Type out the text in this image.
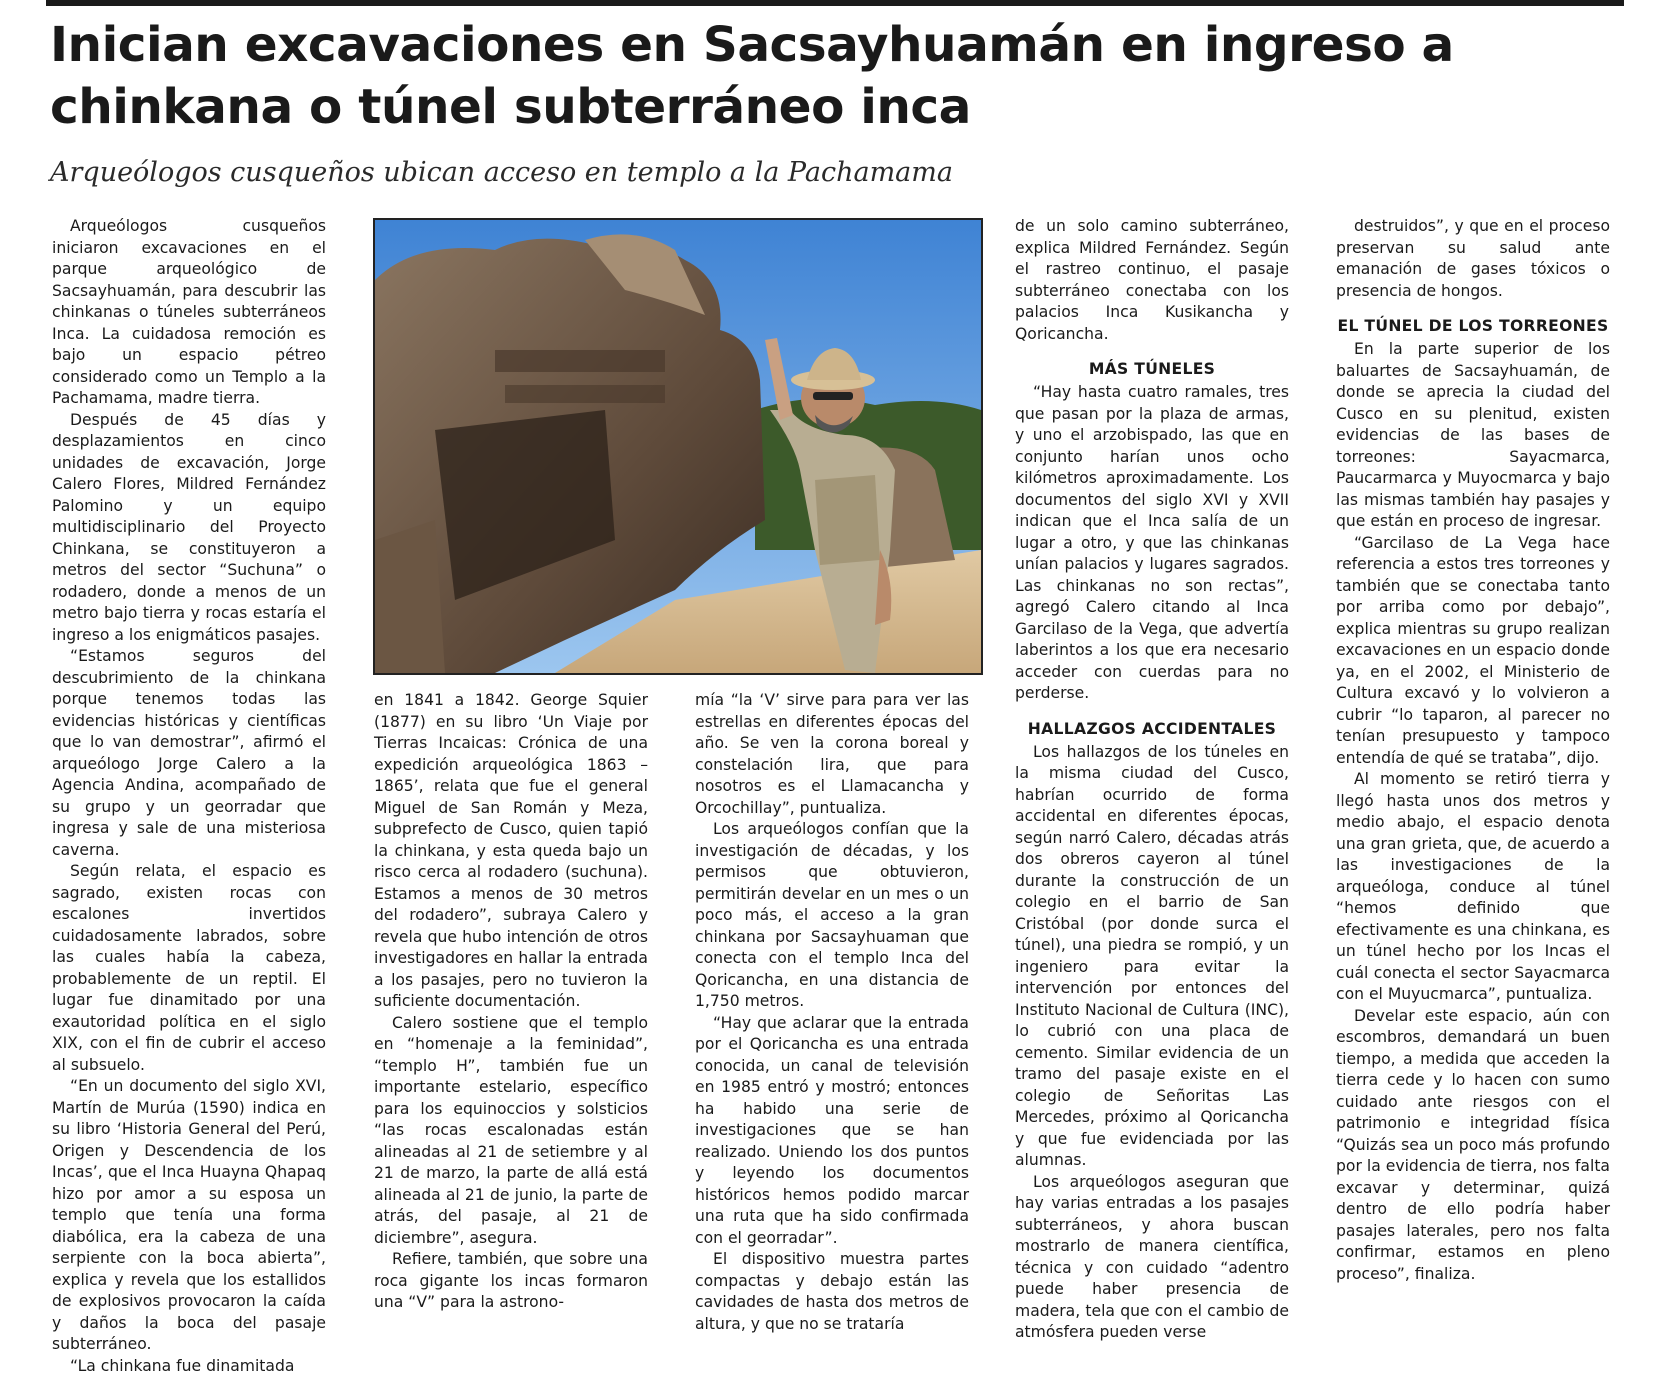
Inician excavaciones en Sacsayhuamán en ingreso a chinkana o túnel subterráneo inca
Arqueólogos cusqueños ubican acceso en templo a la Pachamama

Arqueólogos cusqueños iniciaron excavaciones en el parque arqueológico de Sacsayhuamán, para descubrir las chinkanas o túneles subterráneos Inca. La cuidadosa remoción es bajo un espacio pétreo considerado como un Templo a la Pachamama, madre tierra.

Después de 45 días y desplazamientos en cinco unidades de excavación, Jorge Calero Flores, Mildred Fernández Palomino y un equipo multidisciplinario del Proyecto Chinkana, se constituyeron a metros del sector “Suchuna” o rodadero, donde a menos de un metro bajo tierra y rocas estaría el ingreso a los enigmáticos pasajes.

“Estamos seguros del descubrimiento de la chinkana porque tenemos todas las evidencias históricas y científicas que lo van demostrar”, afirmó el arqueólogo Jorge Calero a la Agencia Andina, acompañado de su grupo y un georradar que ingresa y sale de una misteriosa caverna.

Según relata, el espacio es sagrado, existen rocas con escalones invertidos cuidadosamente labrados, sobre las cuales había la cabeza, probablemente de un reptil. El lugar fue dinamitado por una exautoridad política en el siglo XIX, con el fin de cubrir el acceso al subsuelo.

“En un documento del siglo XVI, Martín de Murúa (1590) indica en su libro ‘Historia General del Perú, Origen y Descendencia de los Incas’, que el Inca Huayna Qhapaq hizo por amor a su esposa un templo que tenía una forma diabólica, era la cabeza de una serpiente con la boca abierta”, explica y revela que los estallidos de explosivos provocaron la caída y daños la boca del pasaje subterráneo.

“La chinkana fue dinamitada

en 1841 a 1842. George Squier (1877) en su libro ‘Un Viaje por Tierras Incaicas: Crónica de una expedición arqueológica 1863 – 1865’, relata que fue el general Miguel de San Román y Meza, subprefecto de Cusco, quien tapió la chinkana, y esta queda bajo un risco cerca al rodadero (suchuna). Estamos a menos de 30 metros del rodadero”, subraya Calero y revela que hubo intención de otros investigadores en hallar la entrada a los pasajes, pero no tuvieron la suficiente documentación.

Calero sostiene que el templo en “homenaje a la feminidad”, “templo H”, también fue un importante estelario, específico para los equinoccios y solsticios “las rocas escalonadas están alineadas al 21 de setiembre y al 21 de marzo, la parte de allá está alineada al 21 de junio, la parte de atrás, del pasaje, al 21 de diciembre”, asegura.

Refiere, también, que sobre una roca gigante los incas formaron una “V” para la astrono-

mía “la ‘V’ sirve para para ver las estrellas en diferentes épocas del año. Se ven la corona boreal y constelación lira, que para nosotros es el Llamacancha y Orcochillay”, puntualiza.

Los arqueólogos confían que la investigación de décadas, y los permisos que obtuvieron, permitirán develar en un mes o un poco más, el acceso a la gran chinkana por Sacsayhuaman que conecta con el templo Inca del Qoricancha, en una distancia de 1,750 metros.

“Hay que aclarar que la entrada por el Qoricancha es una entrada conocida, un canal de televisión en 1985 entró y mostró; entonces ha habido una serie de investigaciones que se han realizado. Uniendo los dos puntos y leyendo los documentos históricos hemos podido marcar una ruta que ha sido confirmada con el georradar”.

El dispositivo muestra partes compactas y debajo están las cavidades de hasta dos metros de altura, y que no se trataría

de un solo camino subterráneo, explica Mildred Fernández. Según el rastreo continuo, el pasaje subterráneo conectaba con los palacios Inca Kusikancha y Qoricancha.

MÁS TÚNELES

“Hay hasta cuatro ramales, tres que pasan por la plaza de armas, y uno el arzobispado, las que en conjunto harían unos ocho kilómetros aproximadamente. Los documentos del siglo XVI y XVII indican que el Inca salía de un lugar a otro, y que las chinkanas unían palacios y lugares sagrados. Las chinkanas no son rectas”, agregó Calero citando al Inca Garcilaso de la Vega, que advertía laberintos a los que era necesario acceder con cuerdas para no perderse.

HALLAZGOS ACCIDENTALES

Los hallazgos de los túneles en la misma ciudad del Cusco, habrían ocurrido de forma accidental en diferentes épocas, según narró Calero, décadas atrás dos obreros cayeron al túnel durante la construcción de un colegio en el barrio de San Cristóbal (por donde surca el túnel), una piedra se rompió, y un ingeniero para evitar la intervención por entonces del Instituto Nacional de Cultura (INC), lo cubrió con una placa de cemento. Similar evidencia de un tramo del pasaje existe en el colegio de Señoritas Las Mercedes, próximo al Qoricancha y que fue evidenciada por las alumnas.

Los arqueólogos aseguran que hay varias entradas a los pasajes subterráneos, y ahora buscan mostrarlo de manera científica, técnica y con cuidado “adentro puede haber presencia de madera, tela que con el cambio de atmósfera pueden verse

destruidos”, y que en el proceso preservan su salud ante emanación de gases tóxicos o presencia de hongos.

EL TÚNEL DE LOS TORREONES

En la parte superior de los baluartes de Sacsayhuamán, de donde se aprecia la ciudad del Cusco en su plenitud, existen evidencias de las bases de torreones: Sayacmarca, Paucarmarca y Muyocmarca y bajo las mismas también hay pasajes y que están en proceso de ingresar.

“Garcilaso de La Vega hace referencia a estos tres torreones y también que se conectaba tanto por arriba como por debajo”, explica mientras su grupo realizan excavaciones en un espacio donde ya, en el 2002, el Ministerio de Cultura excavó y lo volvieron a cubrir “lo taparon, al parecer no tenían presupuesto y tampoco entendía de qué se trataba”, dijo.

Al momento se retiró tierra y llegó hasta unos dos metros y medio abajo, el espacio denota una gran grieta, que, de acuerdo a las investigaciones de la arqueóloga, conduce al túnel “hemos definido que efectivamente es una chinkana, es un túnel hecho por los Incas el cuál conecta el sector Sayacmarca con el Muyucmarca”, puntualiza.

Develar este espacio, aún con escombros, demandará un buen tiempo, a medida que acceden la tierra cede y lo hacen con sumo cuidado ante riesgos con el patrimonio e integridad física “Quizás sea un poco más profundo por la evidencia de tierra, nos falta excavar y determinar, quizá dentro de ello podría haber pasajes laterales, pero nos falta confirmar, estamos en pleno proceso”, finaliza.
